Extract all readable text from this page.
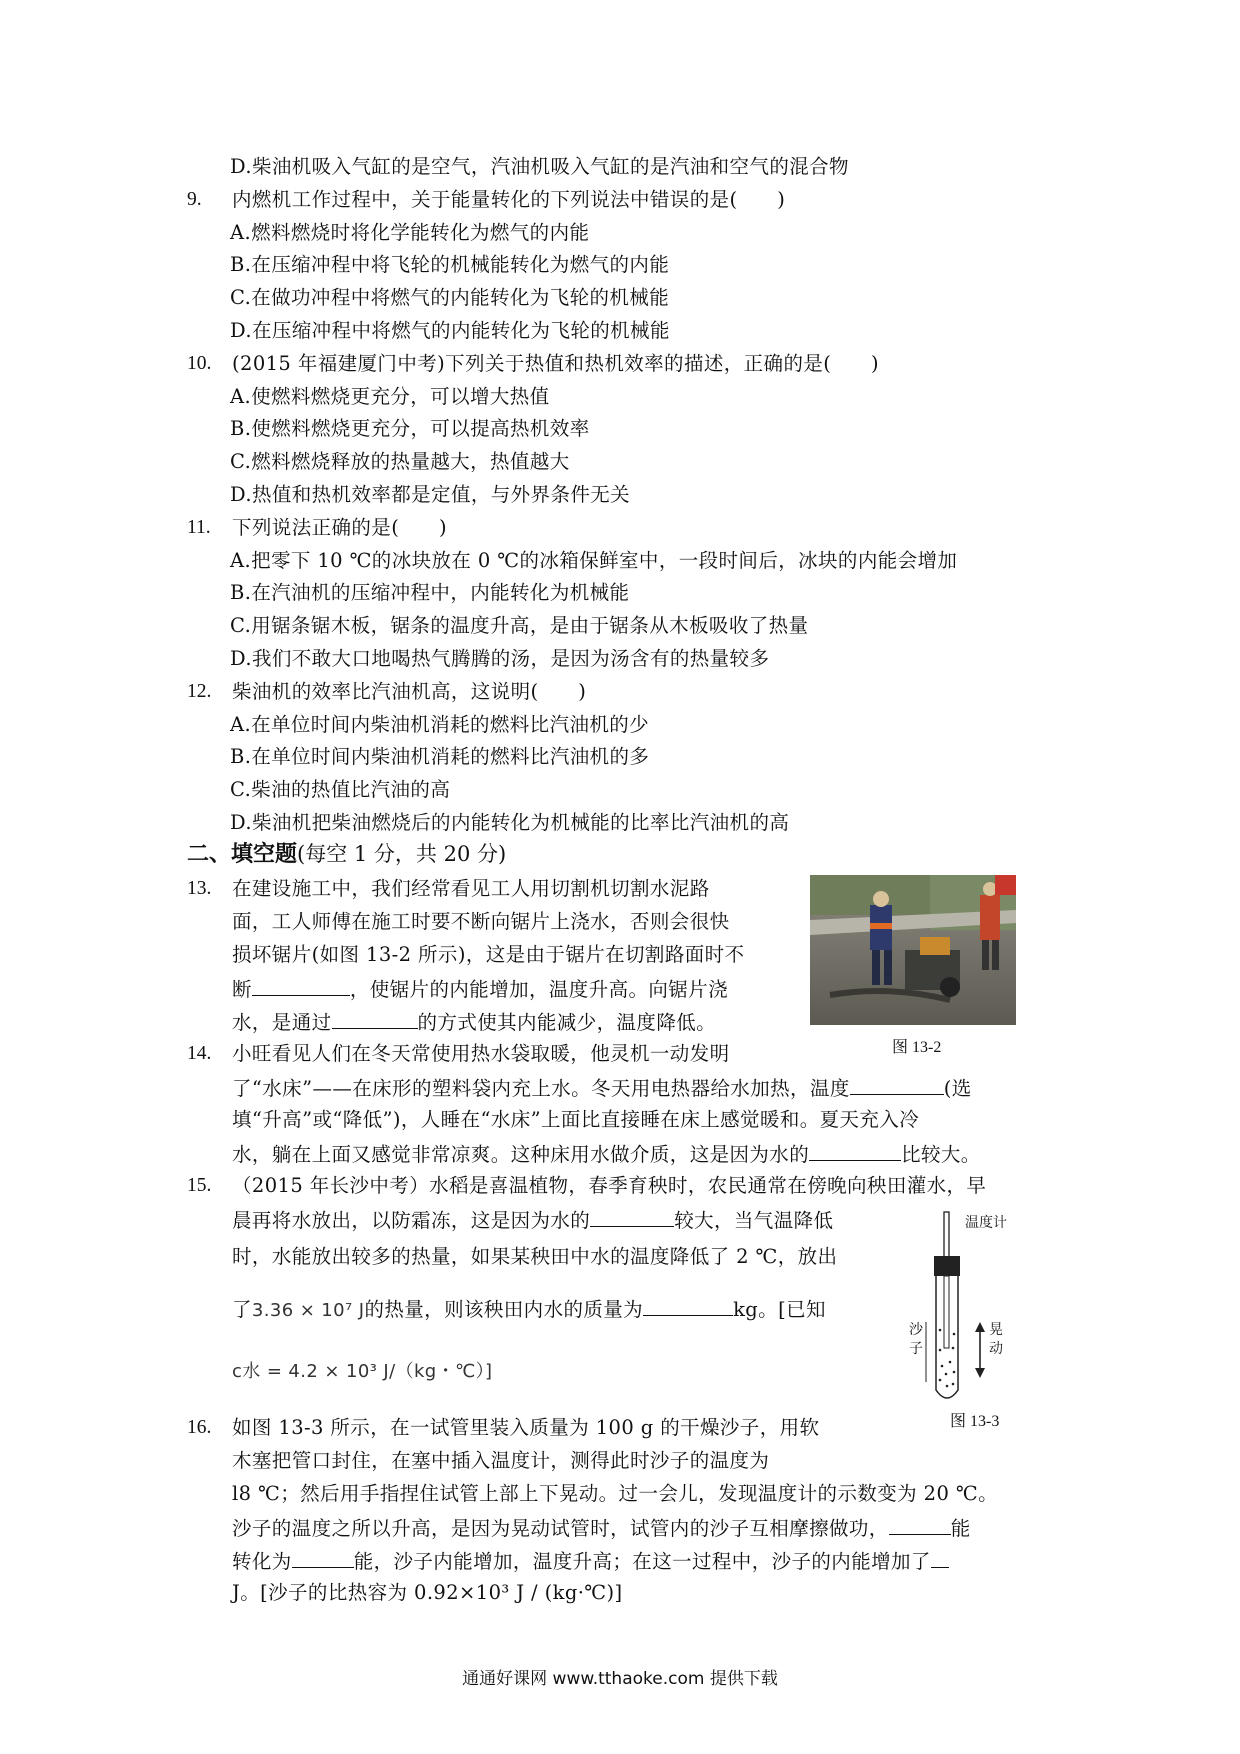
D.柴油机吸入气缸的是空气，汽油机吸入气缸的是汽油和空气的混合物
9. 内燃机工作过程中，关于能量转化的下列说法中错误的是(　　)
A.燃料燃烧时将化学能转化为燃气的内能
B.在压缩冲程中将飞轮的机械能转化为燃气的内能
C.在做功冲程中将燃气的内能转化为飞轮的机械能
D.在压缩冲程中将燃气的内能转化为飞轮的机械能
10. (2015 年福建厦门中考)下列关于热值和热机效率的描述，正确的是(　　)
A.使燃料燃烧更充分，可以增大热值
B.使燃料燃烧更充分，可以提高热机效率
C.燃料燃烧释放的热量越大，热值越大
D.热值和热机效率都是定值，与外界条件无关
11. 下列说法正确的是(　　)
A.把零下 10 ℃的冰块放在 0 ℃的冰箱保鲜室中，一段时间后，冰块的内能会增加
B.在汽油机的压缩冲程中，内能转化为机械能
C.用锯条锯木板，锯条的温度升高，是由于锯条从木板吸收了热量
D.我们不敢大口地喝热气腾腾的汤，是因为汤含有的热量较多
12. 柴油机的效率比汽油机高，这说明(　　)
A.在单位时间内柴油机消耗的燃料比汽油机的少
B.在单位时间内柴油机消耗的燃料比汽油机的多
C.柴油的热值比汽油的高
D.柴油机把柴油燃烧后的内能转化为机械能的比率比汽油机的高
二、填空题(每空 1 分，共 20 分)
13. 在建设施工中，我们经常看见工人用切割机切割水泥路
面，工人师傅在施工时要不断向锯片上浇水，否则会很快
损坏锯片(如图 13-2 所示)，这是由于锯片在切割路面时不
断	，使锯片的内能增加，温度升高。向锯片浇
水，是通过	的方式使其内能减少，温度降低。
图 13-2
14. 小旺看见人们在冬天常使用热水袋取暖，他灵机一动发明
了“水床”——在床形的塑料袋内充上水。冬天用电热器给水加热，温度	(选
填“升高”或“降低”)，人睡在“水床”上面比直接睡在床上感觉暖和。夏天充入冷
水，躺在上面又感觉非常凉爽。这种床用水做介质，这是因为水的	比较大。
15. （2015 年长沙中考）水稻是喜温植物，春季育秧时，农民通常在傍晚向秧田灌水，早
晨再将水放出，以防霜冻，这是因为水的	较大，当气温降低
时，水能放出较多的热量，如果某秧田中水的温度降低了 2 ℃，放出
了3.36 × 10⁷ J的热量，则该秧田内水的质量为	kg。[已知
c水 = 4.2 × 10³ J/（kg・℃）]
温度计
沙
子
晃
动
图 13-3
16. 如图 13-3 所示，在一试管里装入质量为 100 g 的干燥沙子，用软
木塞把管口封住，在塞中插入温度计，测得此时沙子的温度为
l8 ℃；然后用手指捏住试管上部上下晃动。过一会儿，发现温度计的示数变为 20 ℃。
沙子的温度之所以升高，是因为晃动试管时，试管内的沙子互相摩擦做功，	能
转化为	能，沙子内能增加，温度升高；在这一过程中，沙子的内能增加了
J。[沙子的比热容为 0.92×10³ J / (kg·℃)]
通通好课网 www.tthaoke.com 提供下载
